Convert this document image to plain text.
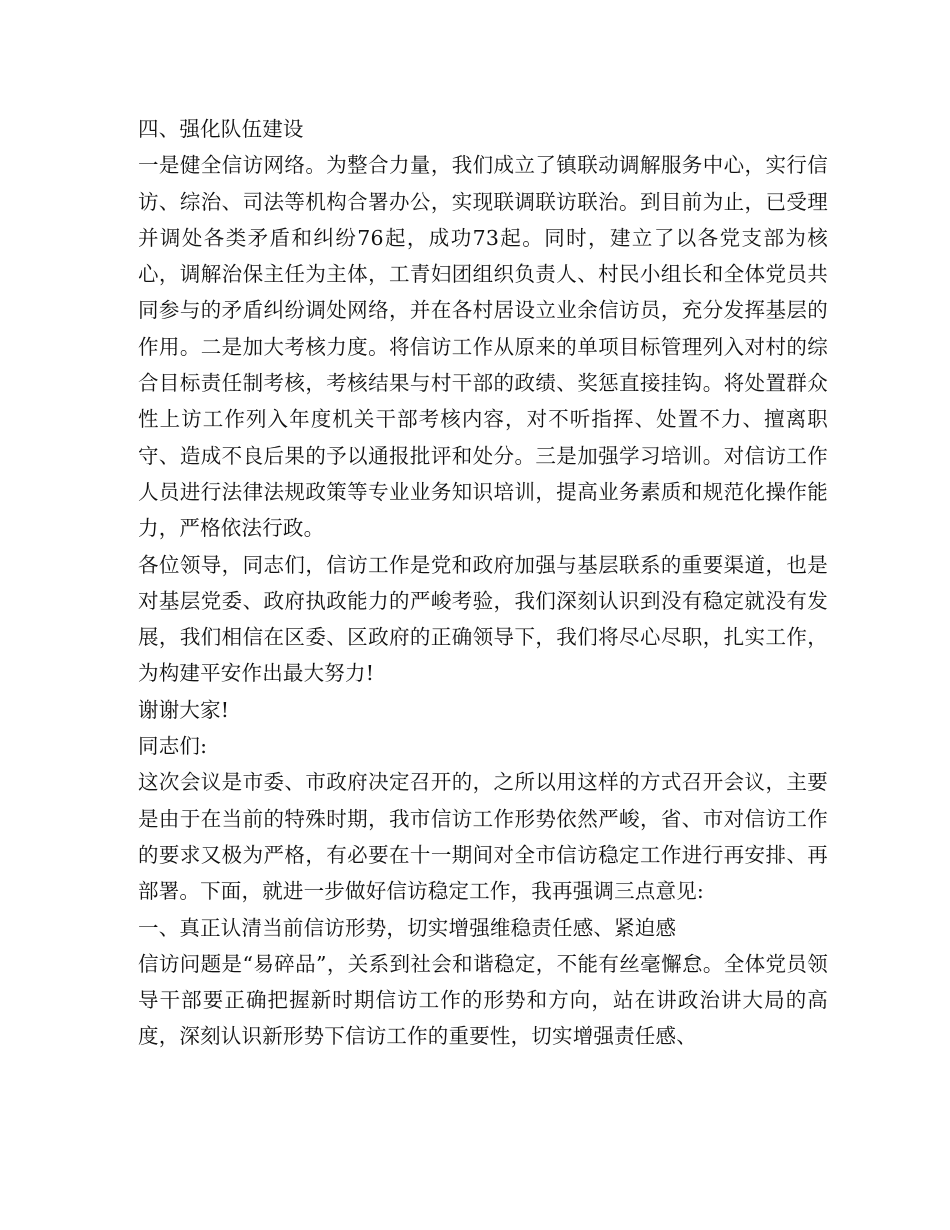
四、强化队伍建设

一是健全信访网络。为整合力量，我们成立了镇联动调解服务中心，实行信访、综治、司法等机构合署办公，实现联调联访联治。到目前为止，已受理并调处各类矛盾和纠纷76起，成功73起。同时，建立了以各党支部为核心，调解治保主任为主体，工青妇团组织负责人、村民小组长和全体党员共同参与的矛盾纠纷调处网络，并在各村居设立业余信访员，充分发挥基层的作用。二是加大考核力度。将信访工作从原来的单项目标管理列入对村的综合目标责任制考核，考核结果与村干部的政绩、奖惩直接挂钩。将处置群众性上访工作列入年度机关干部考核内容，对不听指挥、处置不力、擅离职守、造成不良后果的予以通报批评和处分。三是加强学习培训。对信访工作人员进行法律法规政策等专业业务知识培训，提高业务素质和规范化操作能力，严格依法行政。

各位领导，同志们，信访工作是党和政府加强与基层联系的重要渠道，也是对基层党委、政府执政能力的严峻考验，我们深刻认识到没有稳定就没有发展，我们相信在区委、区政府的正确领导下，我们将尽心尽职，扎实工作，为构建平安作出最大努力!

谢谢大家!

同志们:

这次会议是市委、市政府决定召开的，之所以用这样的方式召开会议，主要是由于在当前的特殊时期，我市信访工作形势依然严峻，省、市对信访工作的要求又极为严格，有必要在十一期间对全市信访稳定工作进行再安排、再部署。下面，就进一步做好信访稳定工作，我再强调三点意见:

一、真正认清当前信访形势，切实增强维稳责任感、紧迫感

信访问题是“易碎品”，关系到社会和谐稳定，不能有丝毫懈怠。全体党员领导干部要正确把握新时期信访工作的形势和方向，站在讲政治讲大局的高度，深刻认识新形势下信访工作的重要性，切实增强责任感、
